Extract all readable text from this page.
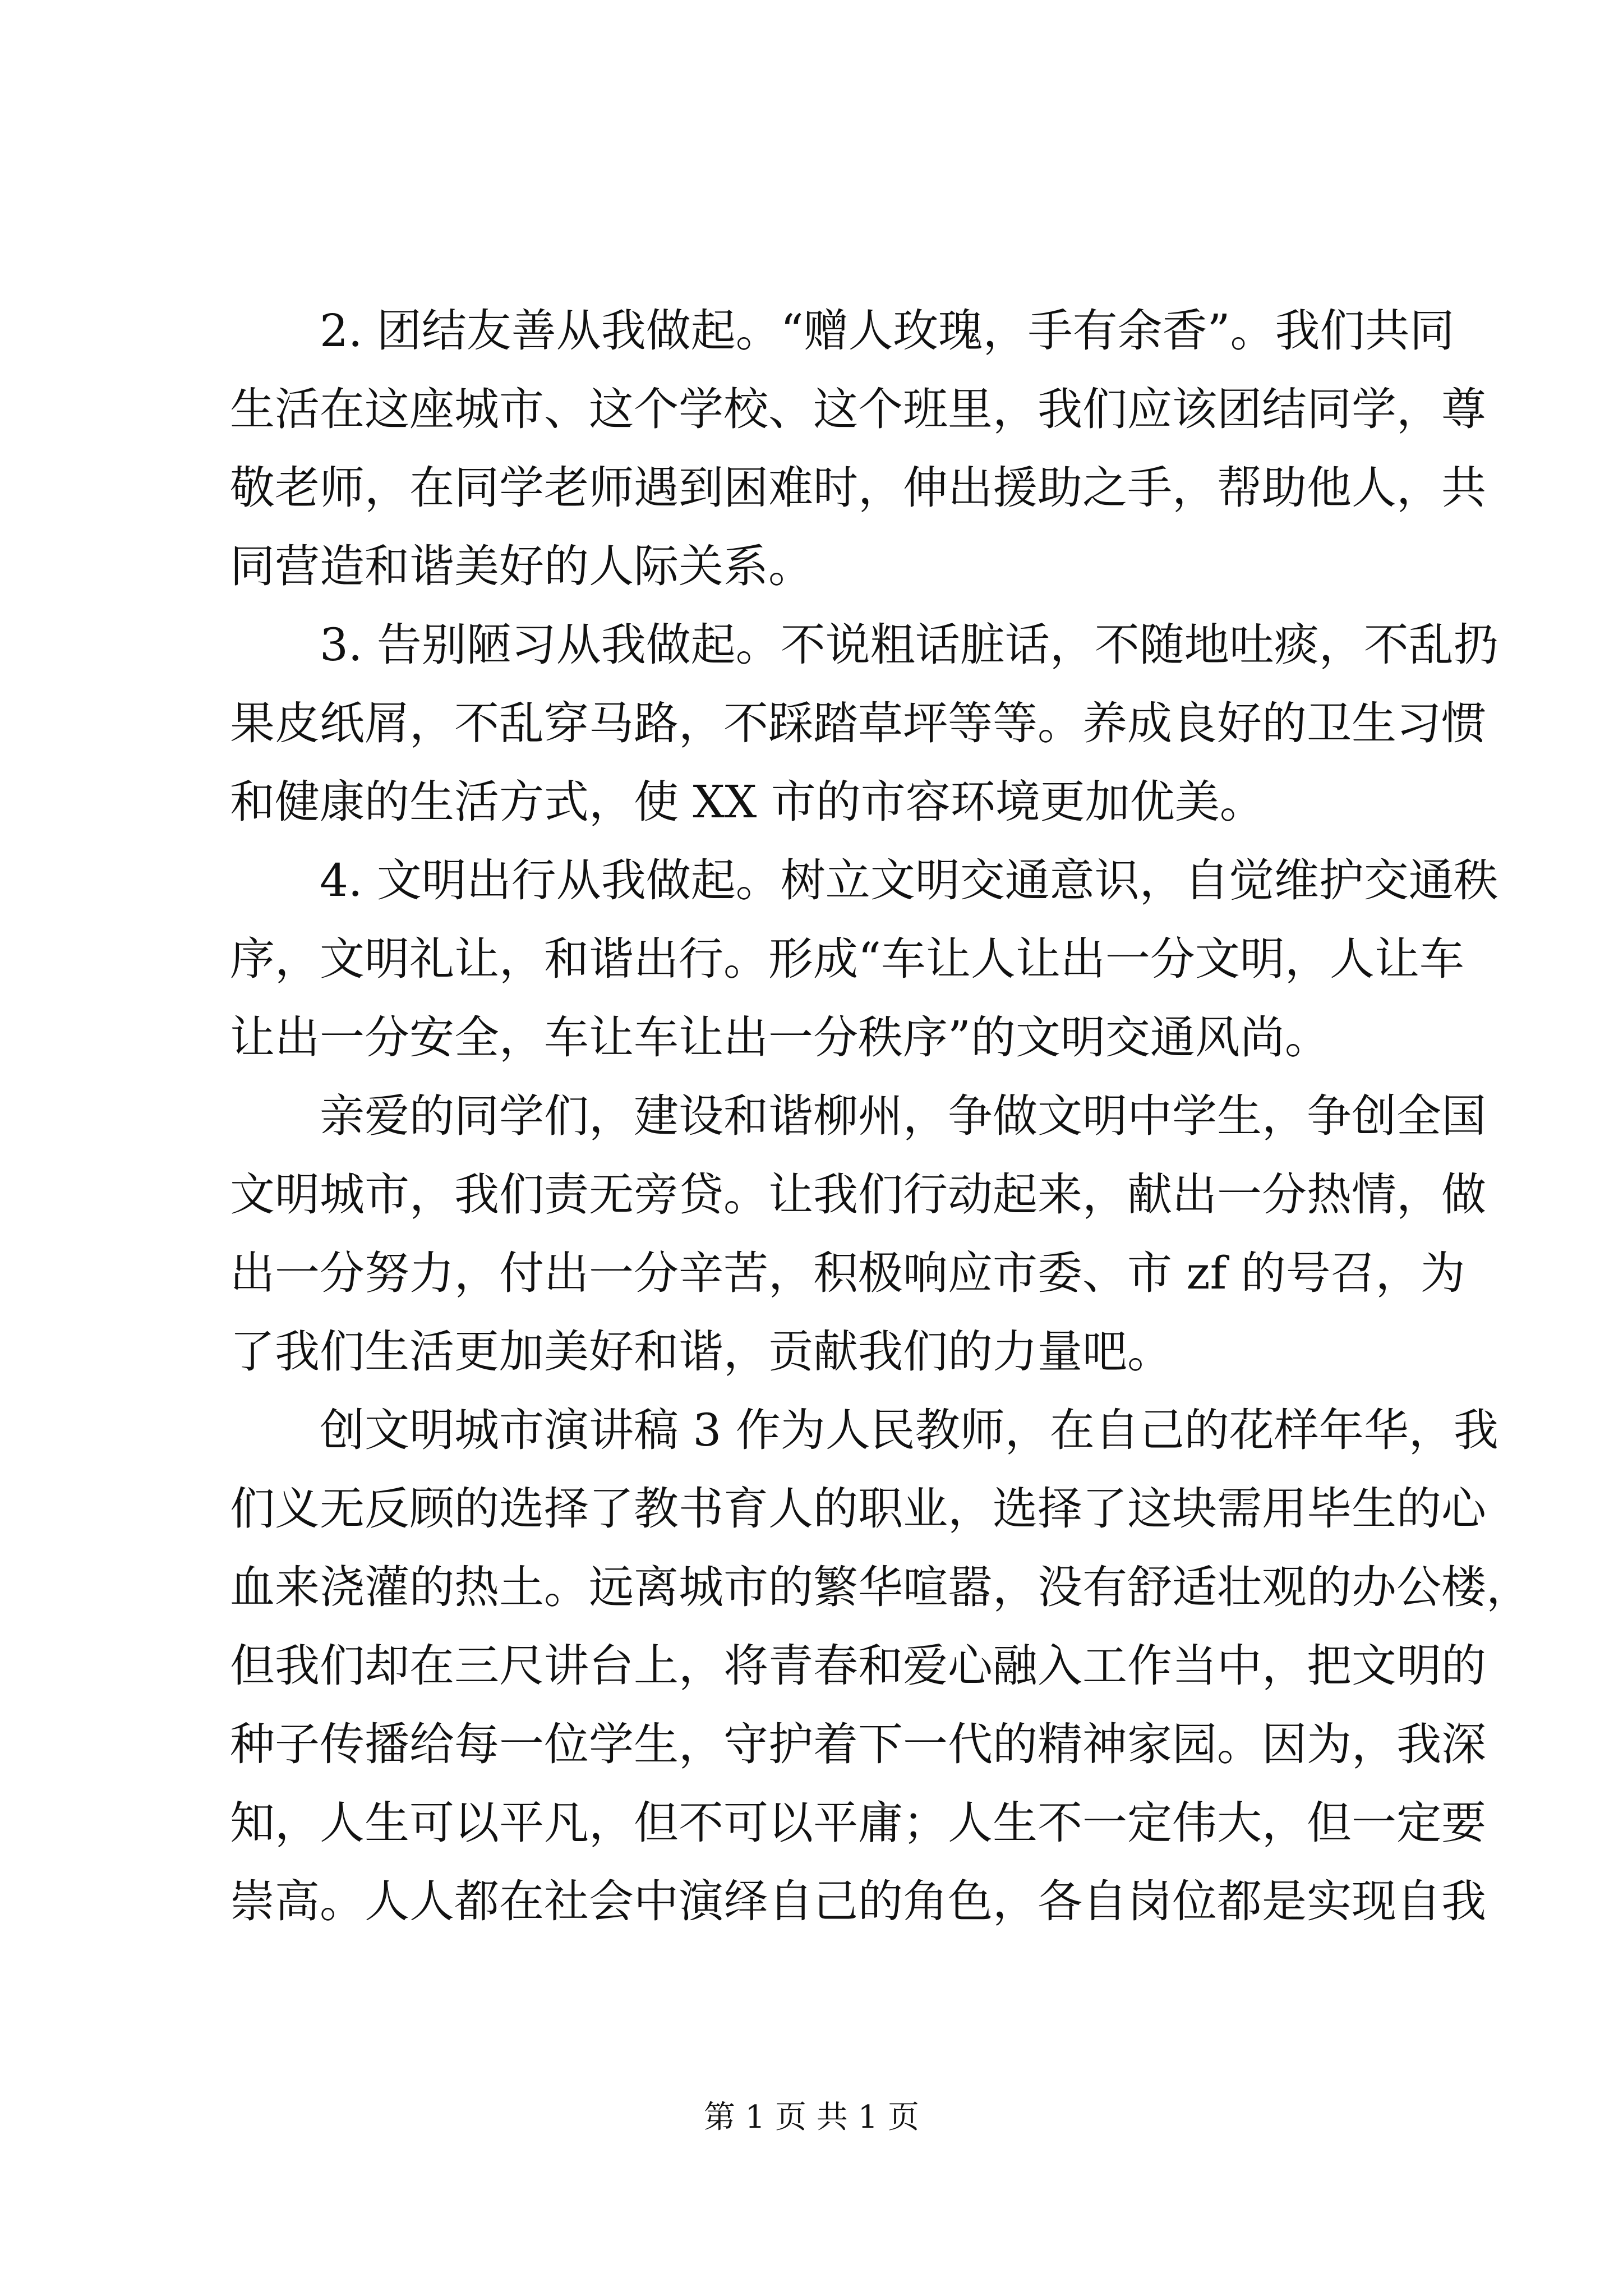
2. 团结友善从我做起。“赠人玫瑰，手有余香”。我们共同
生活在这座城市、这个学校、这个班里，我们应该团结同学，尊
敬老师，在同学老师遇到困难时，伸出援助之手，帮助他人，共
同营造和谐美好的人际关系。

3. 告别陋习从我做起。不说粗话脏话，不随地吐痰，不乱扔
果皮纸屑，不乱穿马路，不踩踏草坪等等。养成良好的卫生习惯
和健康的生活方式，使 XX 市的市容环境更加优美。

4. 文明出行从我做起。树立文明交通意识，自觉维护交通秩
序，文明礼让，和谐出行。形成“车让人让出一分文明，人让车
让出一分安全，车让车让出一分秩序”的文明交通风尚。

亲爱的同学们，建设和谐柳州，争做文明中学生，争创全国
文明城市，我们责无旁贷。让我们行动起来，献出一分热情，做
出一分努力，付出一分辛苦，积极响应市委、市 zf 的号召，为
了我们生活更加美好和谐，贡献我们的力量吧。

创文明城市演讲稿 3 作为人民教师，在自己的花样年华，我
们义无反顾的选择了教书育人的职业，选择了这块需用毕生的心
血来浇灌的热土。远离城市的繁华喧嚣，没有舒适壮观的办公楼，
但我们却在三尺讲台上，将青春和爱心融入工作当中，把文明的
种子传播给每一位学生，守护着下一代的精神家园。因为，我深
知，人生可以平凡，但不可以平庸；人生不一定伟大，但一定要
崇高。人人都在社会中演绎自己的角色，各自岗位都是实现自我

第 1 页 共 1 页
